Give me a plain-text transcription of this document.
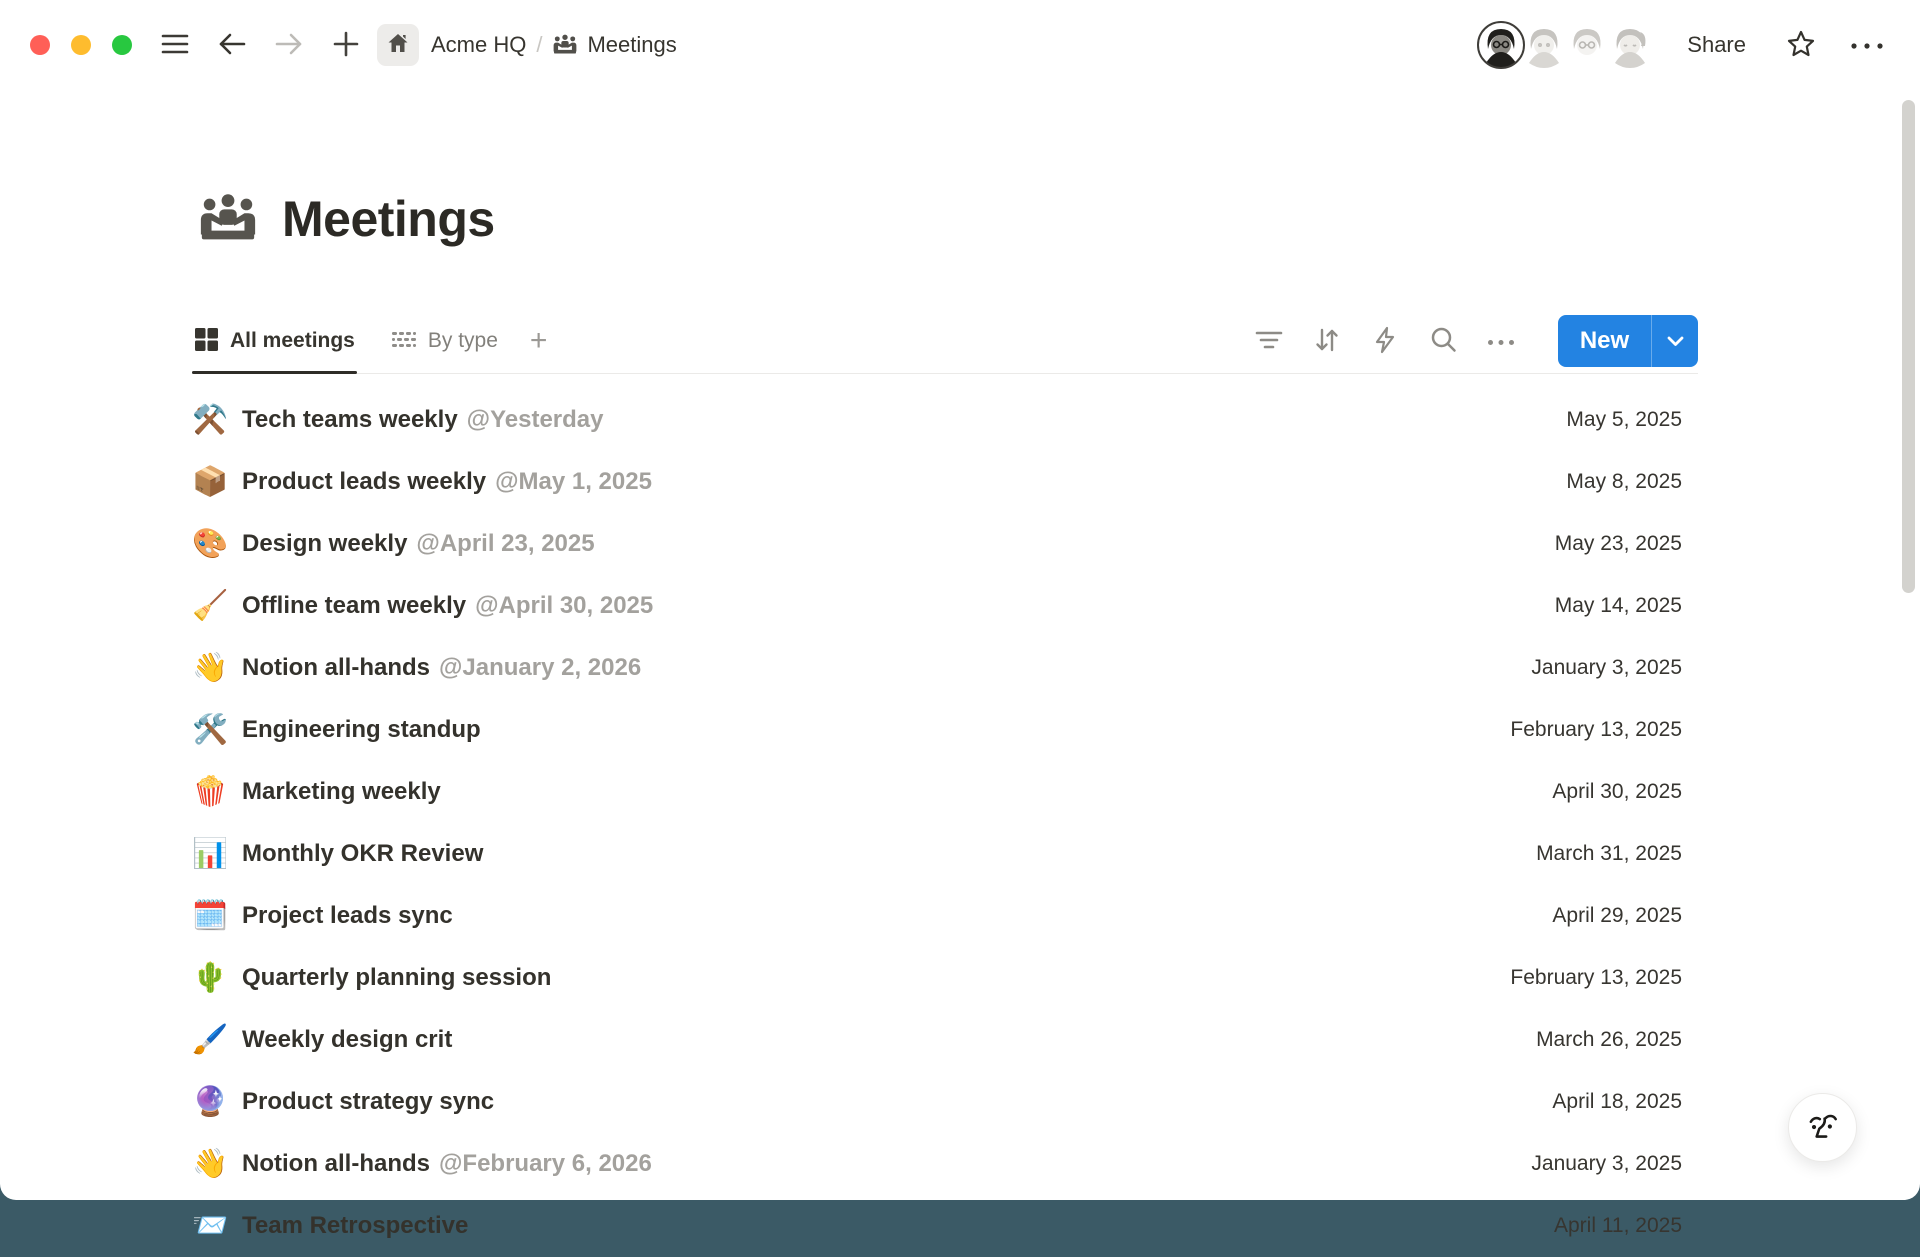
Acme HQ / Meetings	Share
Meetings
All meetings	By type +	New
⚒️ Tech teams weekly @Yesterday	May 5, 2025
📦 Product leads weekly @May 1, 2025	May 8, 2025
🎨 Design weekly @April 23, 2025	May 23, 2025
🧹 Offline team weekly @April 30, 2025	May 14, 2025
👋 Notion all-hands @January 2, 2026	January 3, 2025
🛠️ Engineering standup	February 13, 2025
🍿 Marketing weekly	April 30, 2025
📊 Monthly OKR Review	March 31, 2025
🗓️ Project leads sync	April 29, 2025
🌵 Quarterly planning session	February 13, 2025
🖌️ Weekly design crit	March 26, 2025
🔮 Product strategy sync	April 18, 2025
👋 Notion all-hands @February 6, 2026	January 3, 2025
📨 Team Retrospective	April 11, 2025
